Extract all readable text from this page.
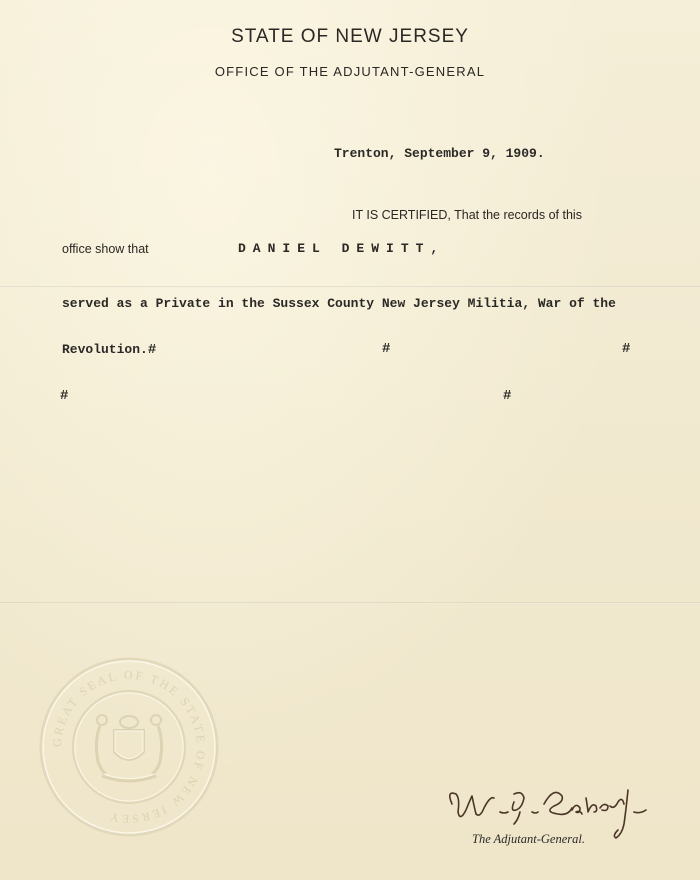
STATE OF NEW JERSEY
OFFICE OF THE ADJUTANT-GENERAL
Trenton, September 9, 1909.
IT IS CERTIFIED, That the records of this
office show that	DANIEL DEWITT,
served as a Private in the Sussex County New Jersey Militia, War of the
Revolution.#	#	#
#	#
GREAT SEAL OF THE STATE OF NEW JERSEY
The Adjutant-General.
